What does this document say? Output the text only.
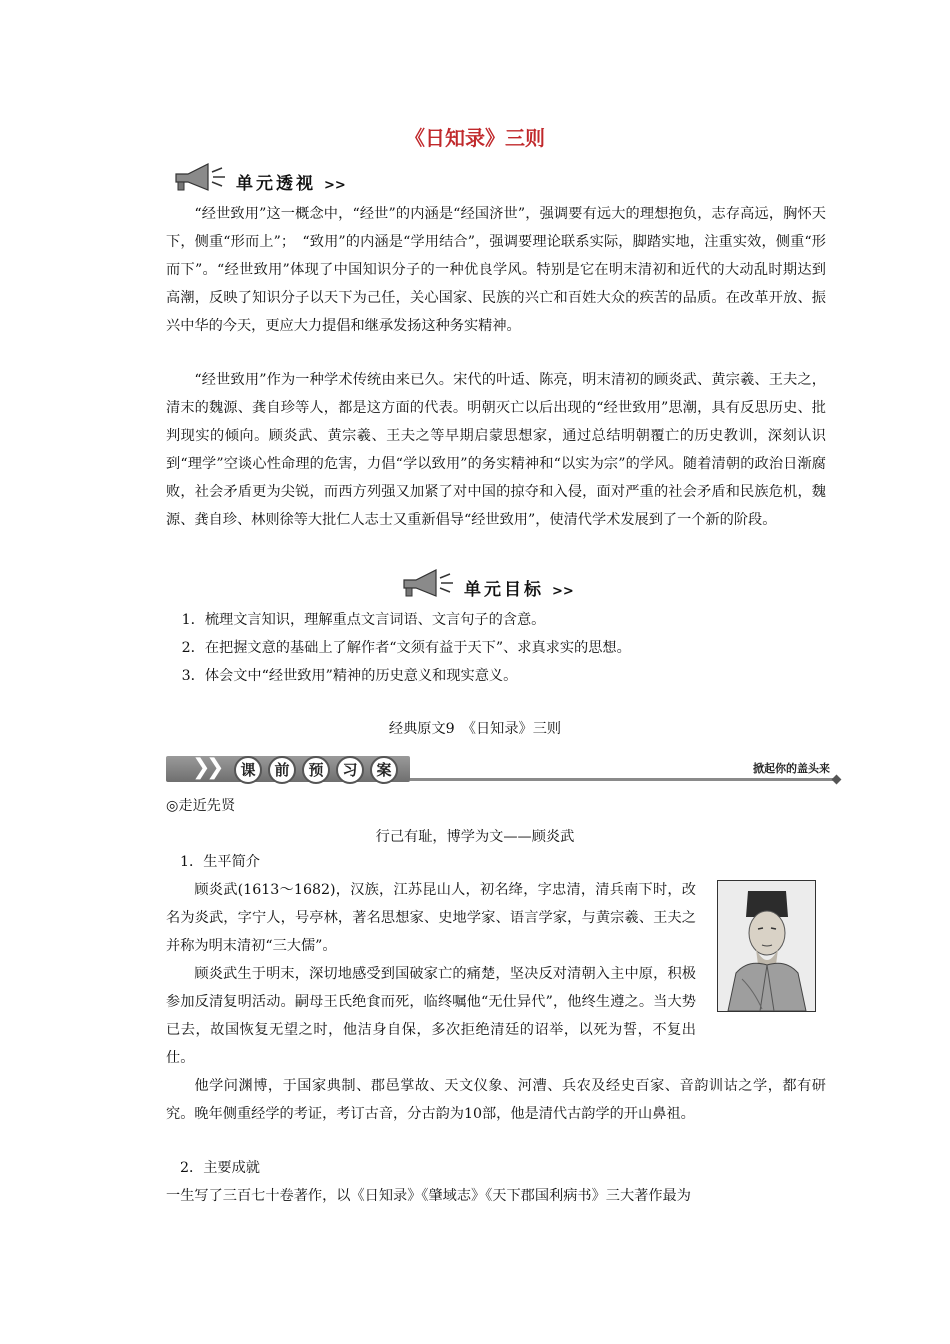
《日知录》三则
单元透视 >>

“经世致用”这一概念中，“经世”的内涵是“经国济世”，强调要有远大的理想抱负，志存高远，胸怀天下，侧重“形而上”；　“致用”的内涵是“学用结合”，强调要理论联系实际，脚踏实地，注重实效，侧重“形而下”。“经世致用”体现了中国知识分子的一种优良学风。特别是它在明末清初和近代的大动乱时期达到高潮，反映了知识分子以天下为己任，关心国家、民族的兴亡和百姓大众的疾苦的品质。在改革开放、振兴中华的今天，更应大力提倡和继承发扬这种务实精神。

“经世致用”作为一种学术传统由来已久。宋代的叶适、陈亮，明末清初的顾炎武、黄宗羲、王夫之，清末的魏源、龚自珍等人，都是这方面的代表。明朝灭亡以后出现的“经世致用”思潮，具有反思历史、批判现实的倾向。顾炎武、黄宗羲、王夫之等早期启蒙思想家，通过总结明朝覆亡的历史教训，深刻认识到“理学”空谈心性命理的危害，力倡“学以致用”的务实精神和“以实为宗”的学风。随着清朝的政治日渐腐败，社会矛盾更为尖锐，而西方列强又加紧了对中国的掠夺和入侵，面对严重的社会矛盾和民族危机，魏源、龚自珍、林则徐等大批仁人志士又重新倡导“经世致用”，使清代学术发展到了一个新的阶段。

单元目标 >>
1．梳理文言知识，理解重点文言词语、文言句子的含意。
2．在把握文意的基础上了解作者“文须有益于天下”、求真求实的思想。
3．体会文中“经世致用”精神的历史意义和现实意义。
经典原文9　《日知录》三则
❯
❯	课	前	预	习	案	掀起你的盖头来

◎走近先贤

行己有耻，博学为文——顾炎武

1．生平简介

顾炎武(1613～1682)，汉族，江苏昆山人，初名绛，字忠清，清兵南下时，改名为炎武，字宁人，号亭林，著名思想家、史地学家、语言学家，与黄宗羲、王夫之并称为明末清初“三大儒”。

顾炎武生于明末，深切地感受到国破家亡的痛楚，坚决反对清朝入主中原，积极参加反清复明活动。嗣母王氏绝食而死，临终嘱他“无仕异代”，他终生遵之。当大势已去，故国恢复无望之时，他洁身自保，多次拒绝清廷的诏举，以死为誓，不复出仕。

他学问渊博，于国家典制、郡邑掌故、天文仪象、河漕、兵农及经史百家、音韵训诂之学，都有研究。晚年侧重经学的考证，考订古音，分古韵为10部，他是清代古韵学的开山鼻祖。

2．主要成就

一生写了三百七十卷著作，以《日知录》《肇域志》《天下郡国利病书》三大著作最为
